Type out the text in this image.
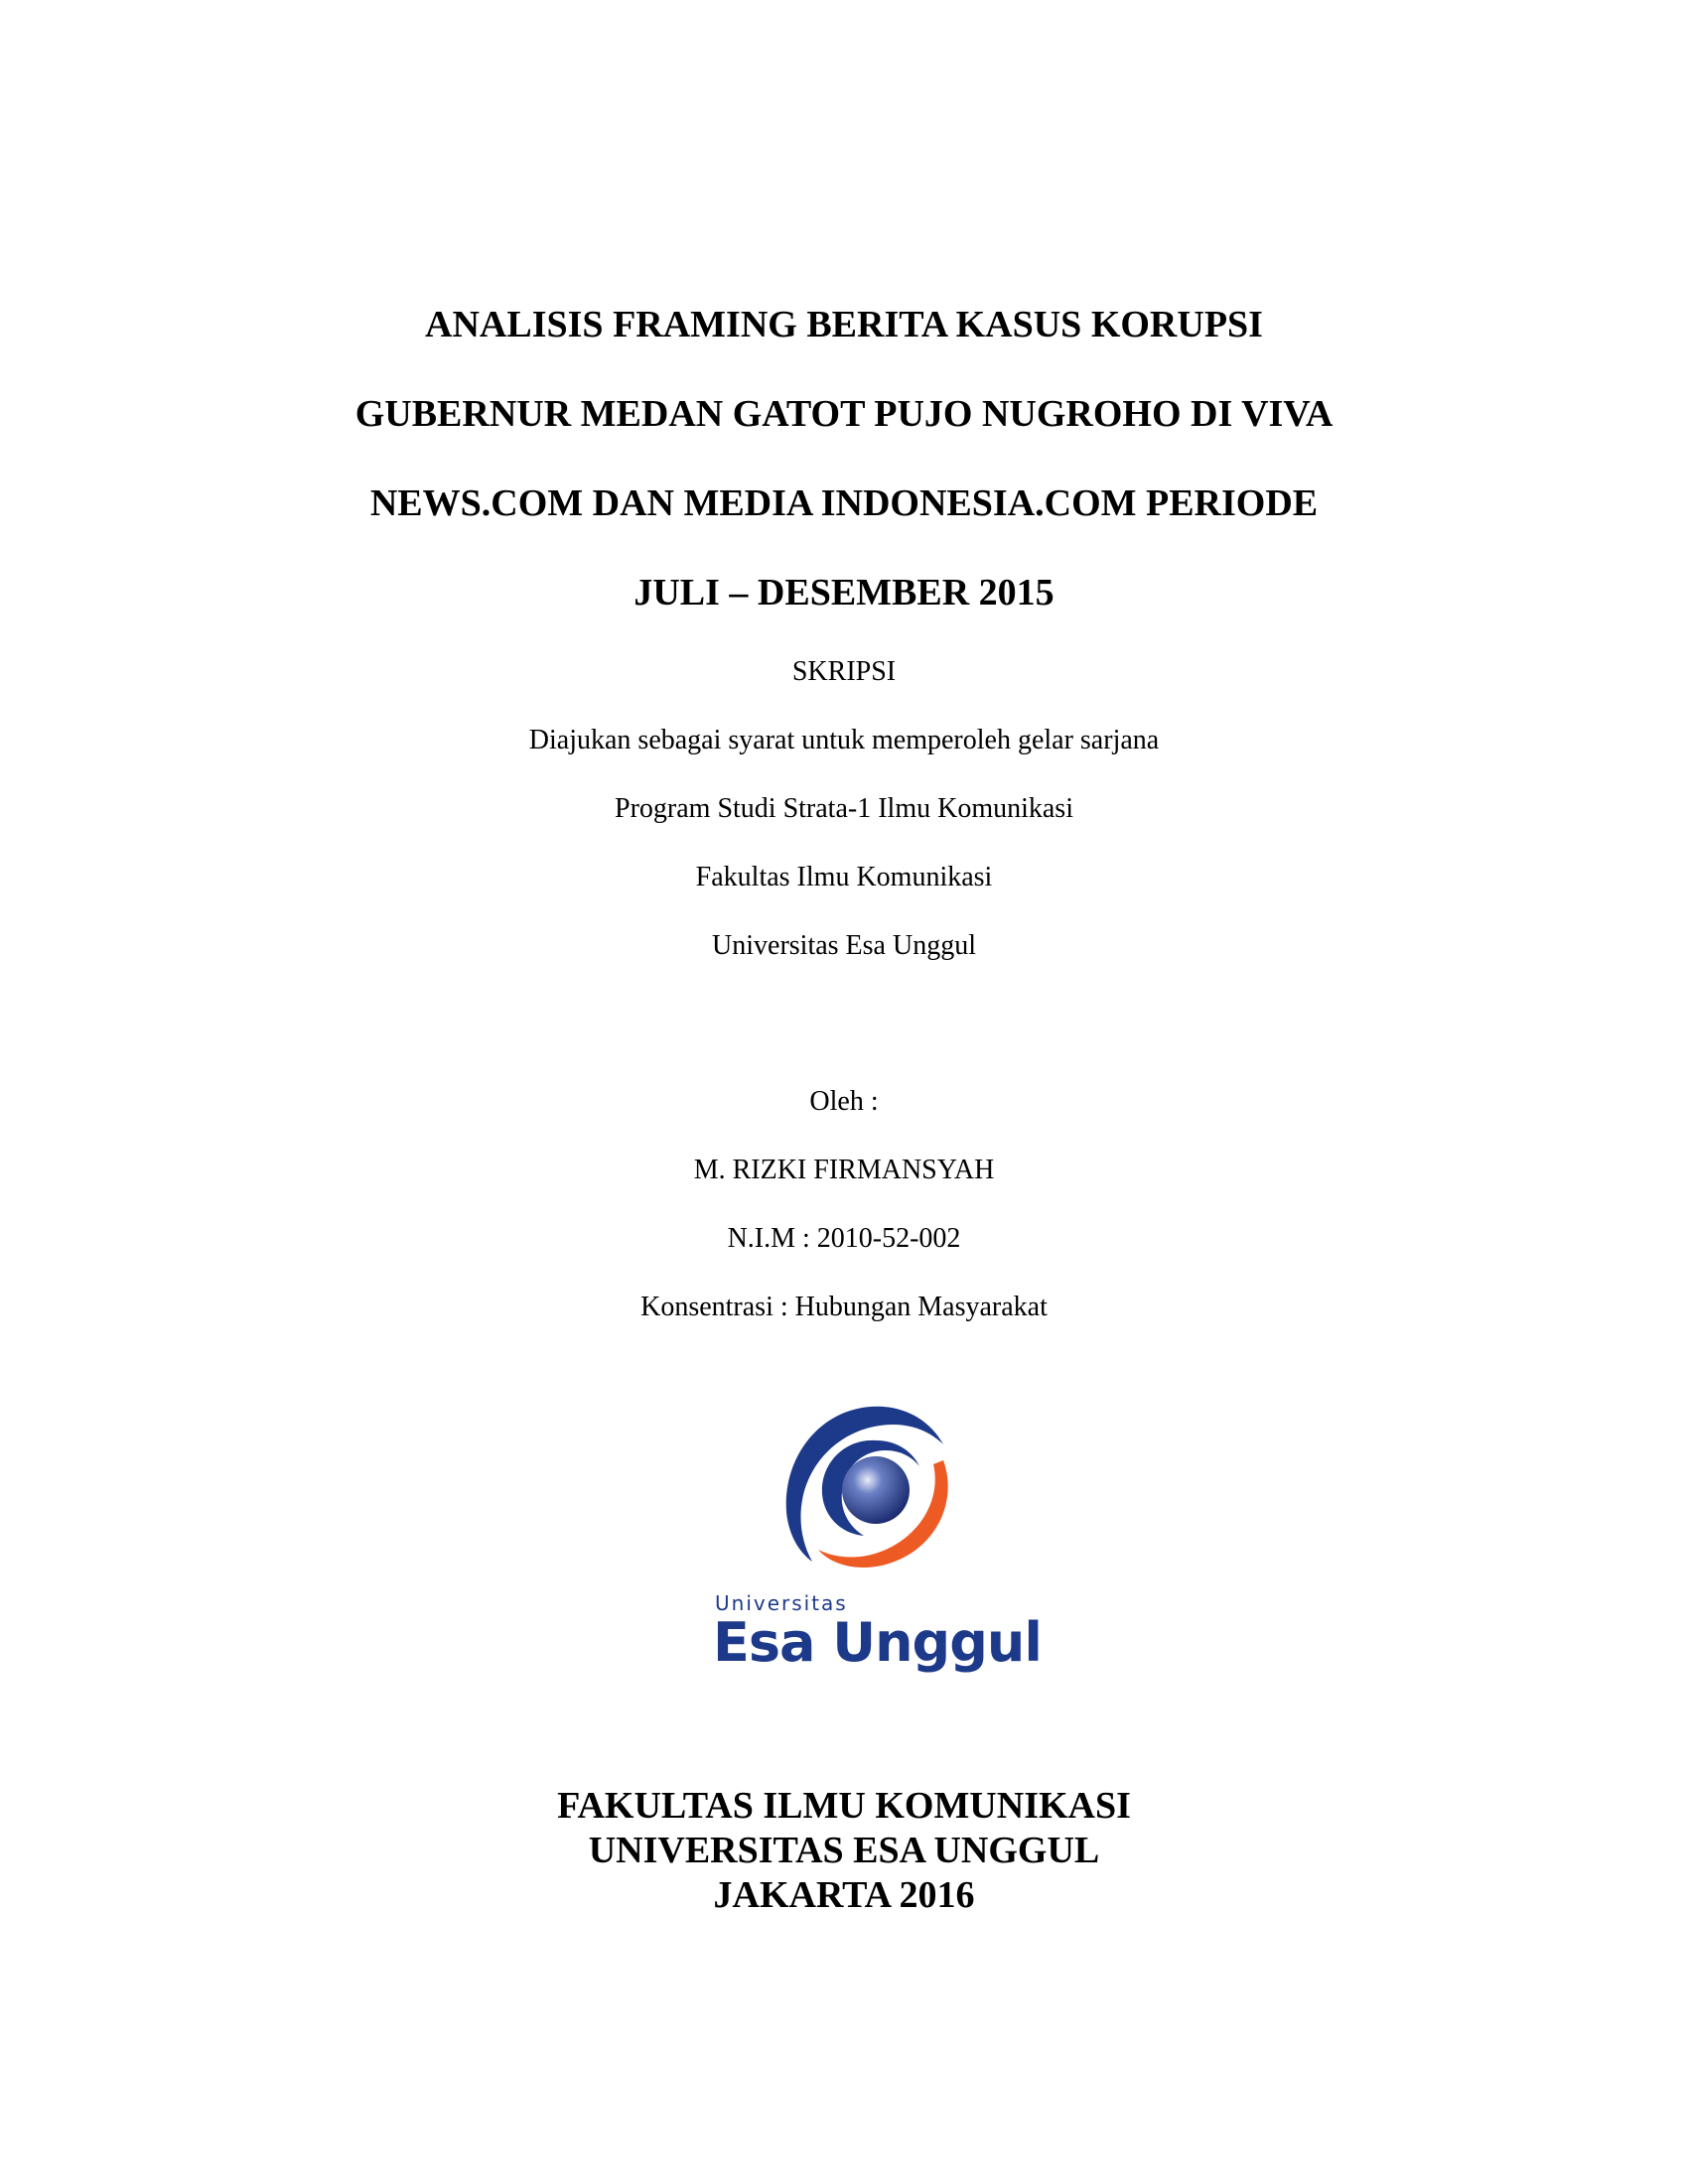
ANALISIS FRAMING BERITA KASUS KORUPSI

GUBERNUR MEDAN GATOT PUJO NUGROHO DI VIVA

NEWS.COM DAN MEDIA INDONESIA.COM PERIODE

JULI – DESEMBER 2015

SKRIPSI

Diajukan sebagai syarat untuk memperoleh gelar sarjana

Program Studi Strata-1 Ilmu Komunikasi

Fakultas Ilmu Komunikasi

Universitas Esa Unggul

Oleh :

M. RIZKI FIRMANSYAH

N.I.M : 2010-52-002

Konsentrasi : Hubungan Masyarakat

Universitas
Esa Unggul

FAKULTAS ILMU KOMUNIKASI

UNIVERSITAS ESA UNGGUL

JAKARTA 2016
